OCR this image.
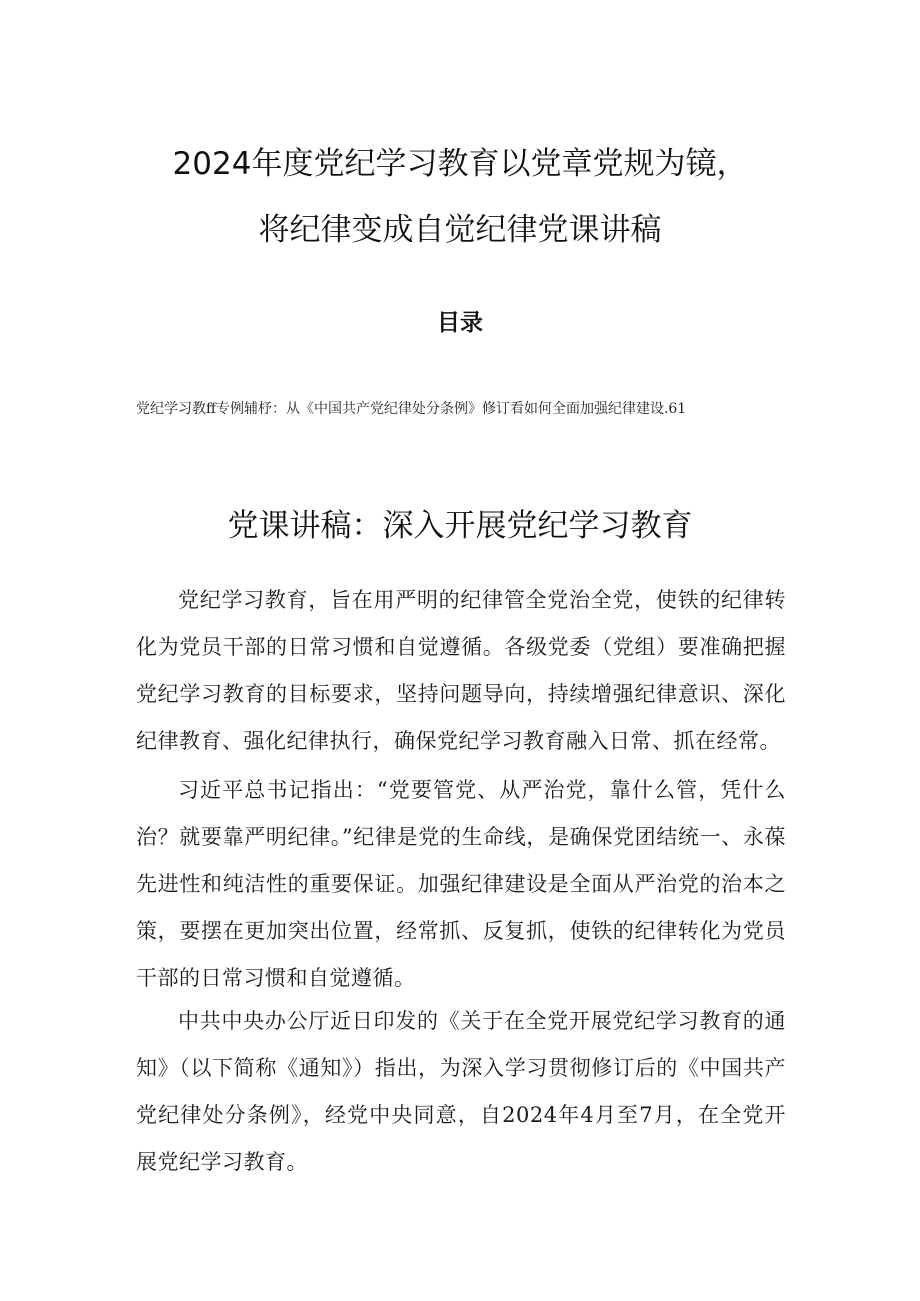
2024年度党纪学习教育以党章党规为镜，
将纪律变成自觉纪律党课讲稿
目录
党纪学习教ff专例辅杼：从《中国共产党纪律处分条例》修订看如何全面加强纪律建设.61
党课讲稿：深入开展党纪学习教育

党纪学习教育，旨在用严明的纪律管全党治全党，使铁的纪律转化为党员干部的日常习惯和自觉遵循。各级党委（党组）要准确把握党纪学习教育的目标要求，坚持问题导向，持续增强纪律意识、深化纪律教育、强化纪律执行，确保党纪学习教育融入日常、抓在经常。

习近平总书记指出：“党要管党、从严治党，靠什么管，凭什么治？就要靠严明纪律。”纪律是党的生命线，是确保党团结统一、永葆先进性和纯洁性的重要保证。加强纪律建设是全面从严治党的治本之策，要摆在更加突出位置，经常抓、反复抓，使铁的纪律转化为党员干部的日常习惯和自觉遵循。

中共中央办公厅近日印发的《关于在全党开展党纪学习教育的通知》（以下简称《通知》）指出，为深入学习贯彻修订后的《中国共产党纪律处分条例》，经党中央同意，自2024年4月至7月，在全党开展党纪学习教育。
